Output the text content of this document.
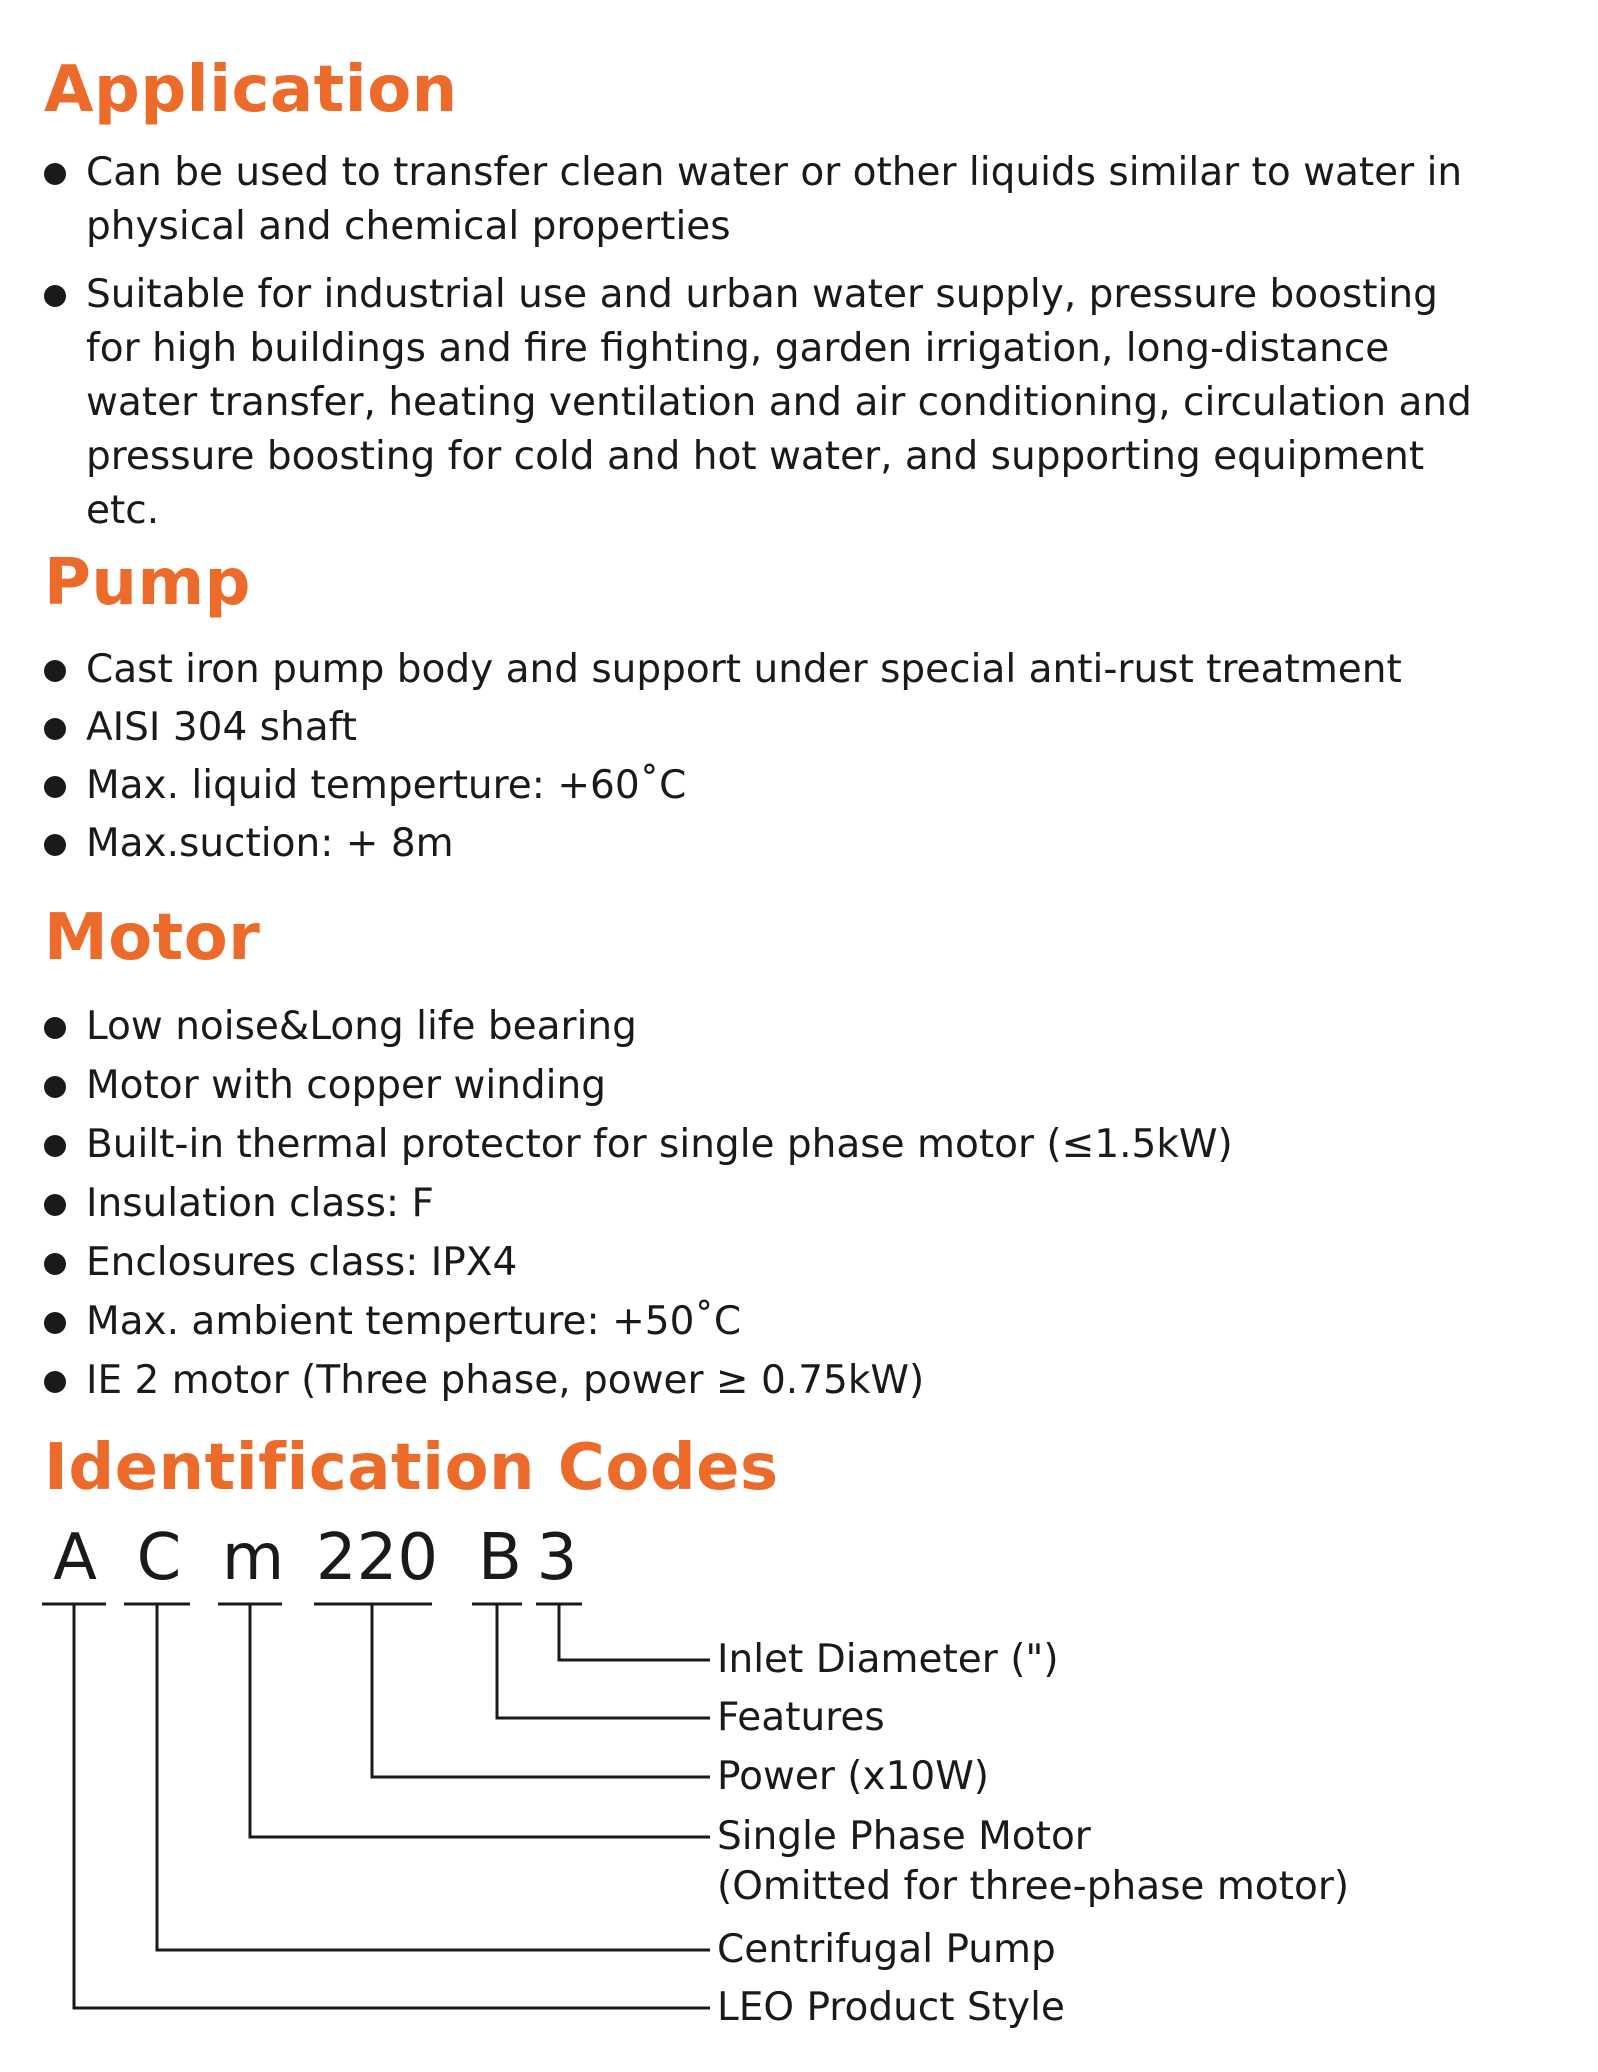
Application
Can be used to transfer clean water or other liquids similar to water in physical and chemical properties
Suitable for industrial use and urban water supply, pressure boosting for high buildings and fire fighting, garden irrigation, long-distance water transfer, heating ventilation and air conditioning, circulation and pressure boosting for cold and hot water, and supporting equipment etc.
Pump
Cast iron pump body and support under special anti-rust treatment
AISI 304 shaft
Max. liquid temperture: +60˚C
Max.suction: + 8m
Motor
Low noise&Long life bearing
Motor with copper winding
Built-in thermal protector for single phase motor (≤1.5kW)
Insulation class: F
Enclosures class: IPX4
Max. ambient temperture: +50˚C
IE 2 motor (Three phase, power ≥ 0.75kW)
Identification Codes
A C m 220 B 3
Inlet Diameter (")
Features
Power (x10W)
Single Phase Motor
(Omitted for three-phase motor)
Centrifugal Pump
LEO Product Style
